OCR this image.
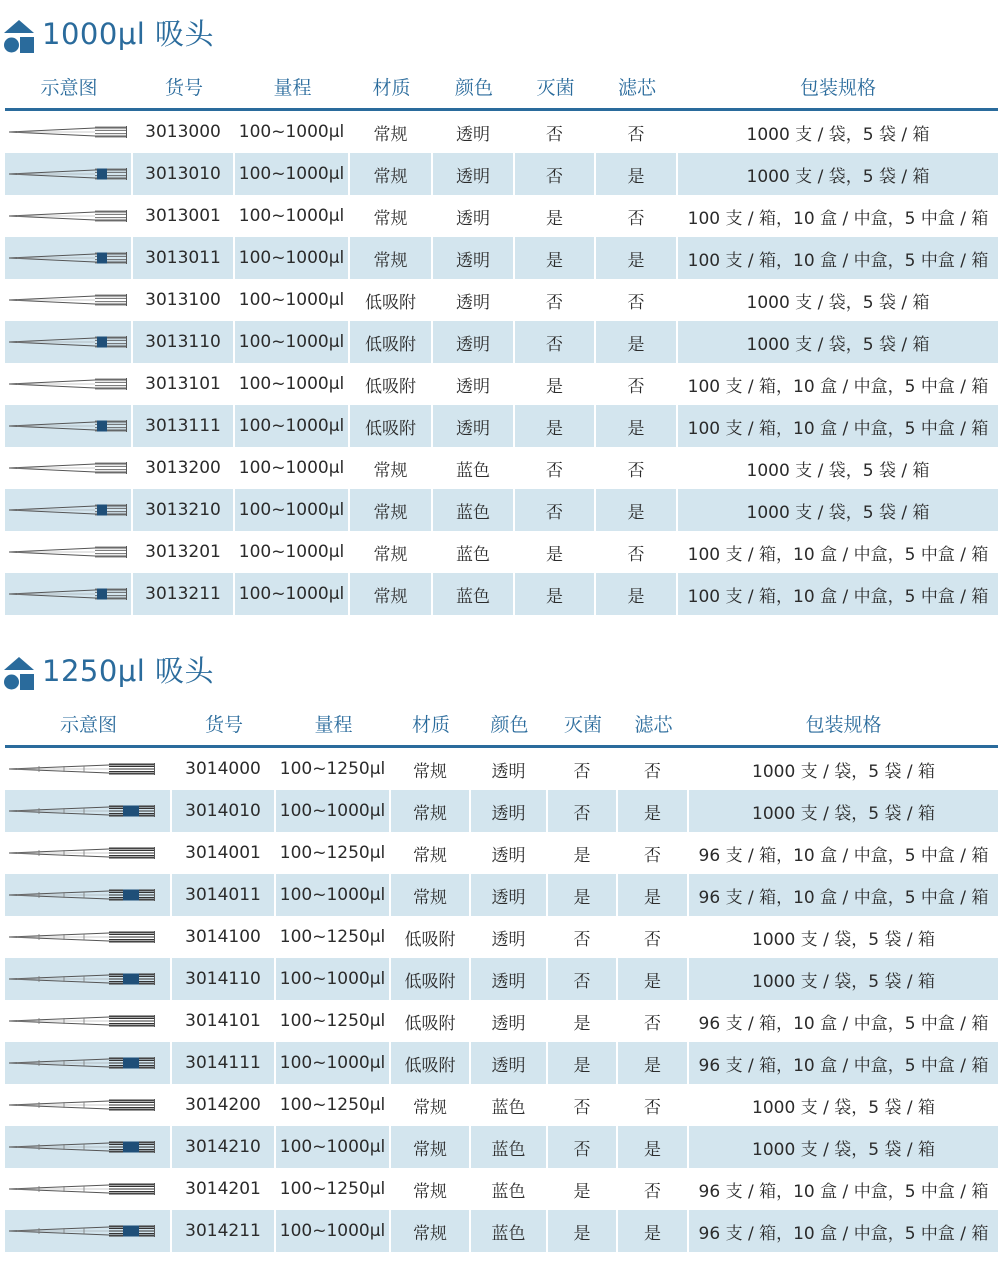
1000μl 吸头
示意图	货号	量程	材质	颜色	灭菌	滤芯	包装规格

	3013000	100~1000μl	常规	透明	否	否	1000 支 / 袋，5 袋 / 箱

	3013010	100~1000μl	常规	透明	否	是	1000 支 / 袋，5 袋 / 箱

	3013001	100~1000μl	常规	透明	是	否	100 支 / 箱，10 盒 / 中盒，5 中盒 / 箱

	3013011	100~1000μl	常规	透明	是	是	100 支 / 箱，10 盒 / 中盒，5 中盒 / 箱

	3013100	100~1000μl	低吸附	透明	否	否	1000 支 / 袋，5 袋 / 箱

	3013110	100~1000μl	低吸附	透明	否	是	1000 支 / 袋，5 袋 / 箱

	3013101	100~1000μl	低吸附	透明	是	否	100 支 / 箱，10 盒 / 中盒，5 中盒 / 箱

	3013111	100~1000μl	低吸附	透明	是	是	100 支 / 箱，10 盒 / 中盒，5 中盒 / 箱

	3013200	100~1000μl	常规	蓝色	否	否	1000 支 / 袋，5 袋 / 箱

	3013210	100~1000μl	常规	蓝色	否	是	1000 支 / 袋，5 袋 / 箱

	3013201	100~1000μl	常规	蓝色	是	否	100 支 / 箱，10 盒 / 中盒，5 中盒 / 箱

	3013211	100~1000μl	常规	蓝色	是	是	100 支 / 箱，10 盒 / 中盒，5 中盒 / 箱
1250μl 吸头
示意图	货号	量程	材质	颜色	灭菌	滤芯	包装规格

	3014000	100~1250μl	常规	透明	否	否	1000 支 / 袋，5 袋 / 箱

	3014010	100~1000μl	常规	透明	否	是	1000 支 / 袋，5 袋 / 箱

	3014001	100~1250μl	常规	透明	是	否	96 支 / 箱，10 盒 / 中盒，5 中盒 / 箱

	3014011	100~1000μl	常规	透明	是	是	96 支 / 箱，10 盒 / 中盒，5 中盒 / 箱

	3014100	100~1250μl	低吸附	透明	否	否	1000 支 / 袋，5 袋 / 箱

	3014110	100~1000μl	低吸附	透明	否	是	1000 支 / 袋，5 袋 / 箱

	3014101	100~1250μl	低吸附	透明	是	否	96 支 / 箱，10 盒 / 中盒，5 中盒 / 箱

	3014111	100~1000μl	低吸附	透明	是	是	96 支 / 箱，10 盒 / 中盒，5 中盒 / 箱

	3014200	100~1250μl	常规	蓝色	否	否	1000 支 / 袋，5 袋 / 箱

	3014210	100~1000μl	常规	蓝色	否	是	1000 支 / 袋，5 袋 / 箱

	3014201	100~1250μl	常规	蓝色	是	否	96 支 / 箱，10 盒 / 中盒，5 中盒 / 箱

	3014211	100~1000μl	常规	蓝色	是	是	96 支 / 箱，10 盒 / 中盒，5 中盒 / 箱
